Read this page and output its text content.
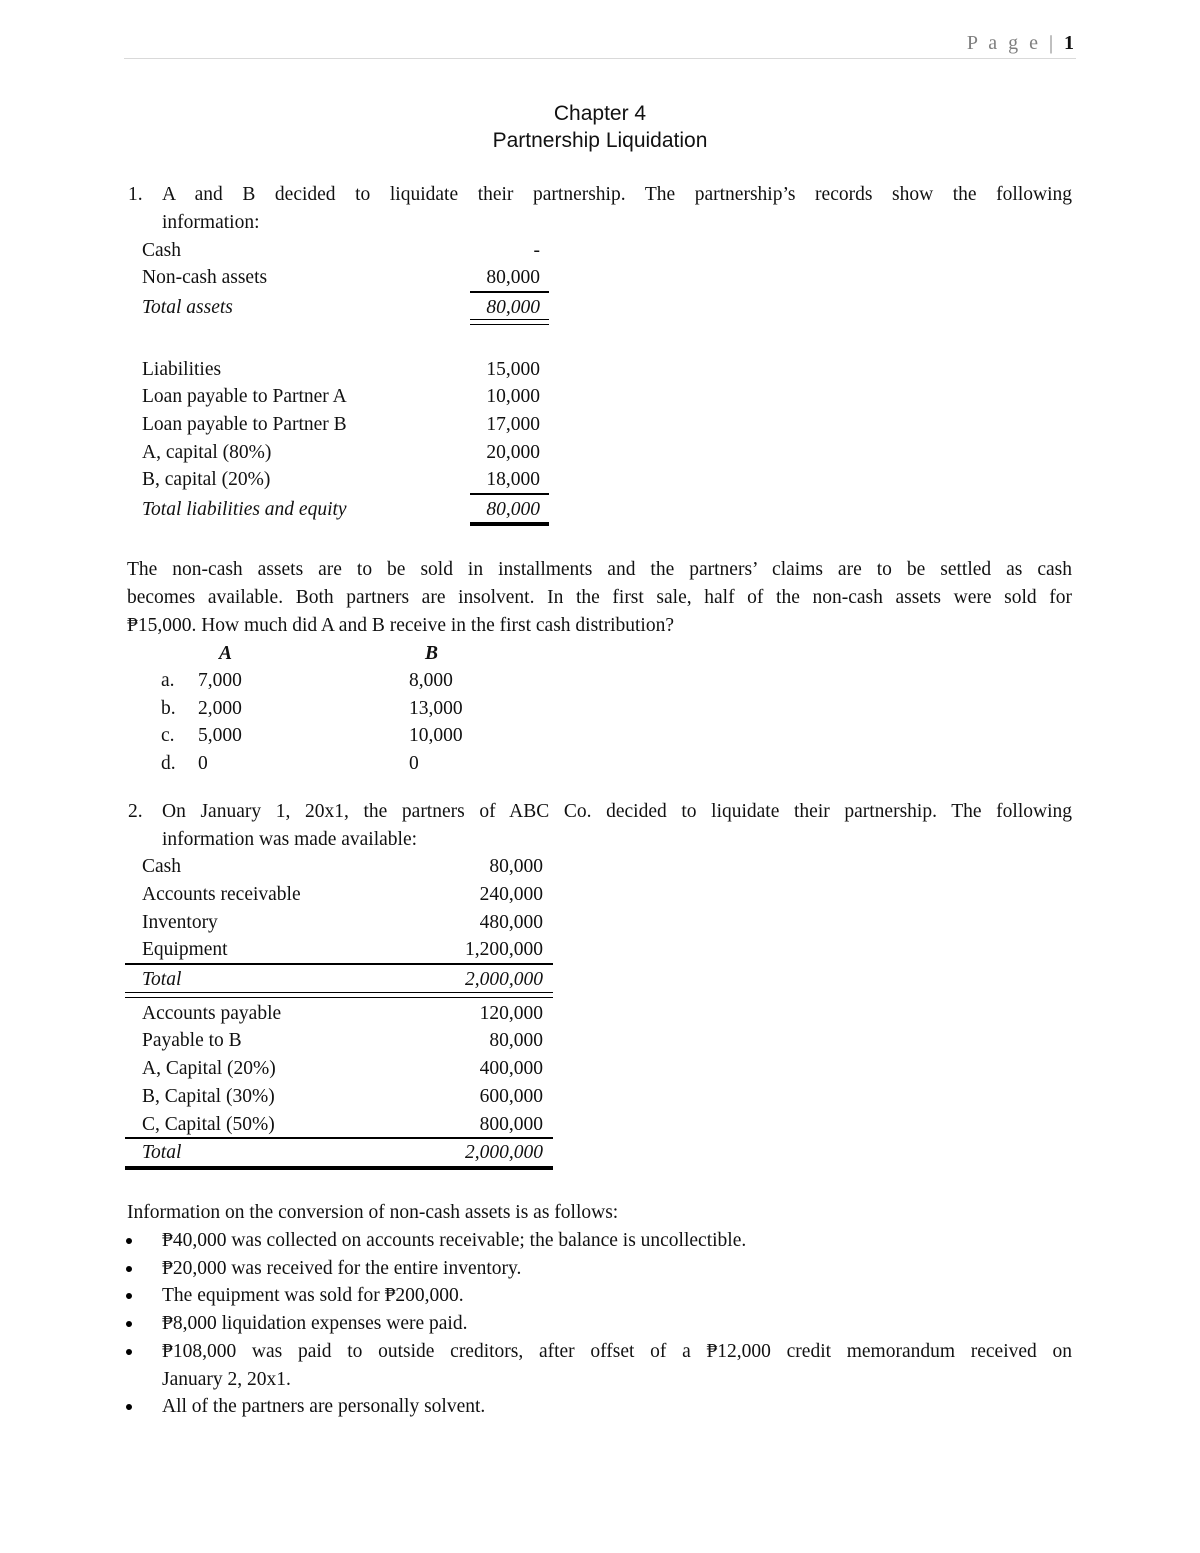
P a g e | 1
Chapter 4
Partnership Liquidation
1. A and B decided to liquidate their partnership. The partnership’s records show the following
information:
Cash	-
Non-cash assets	80,000
Total assets	80,000
Liabilities	15,000
Loan payable to Partner A	10,000
Loan payable to Partner B	17,000
A, capital (80%)	20,000
B, capital (20%)	18,000
Total liabilities and equity	80,000
The non-cash assets are to be sold in installments and the partners’ claims are to be settled as cash
becomes available. Both partners are insolvent. In the first sale, half of the non-cash assets were sold for
₱15,000. How much did A and B receive in the first cash distribution?
A	B
a. 7,000	8,000
b. 2,000	13,000
c. 5,000	10,000
d. 0	0
2. On January 1, 20x1, the partners of ABC Co. decided to liquidate their partnership. The following
information was made available:
Cash	80,000
Accounts receivable	240,000
Inventory	480,000
Equipment	1,200,000
Total	2,000,000
Accounts payable	120,000
Payable to B	80,000
A, Capital (20%)	400,000
B, Capital (30%)	600,000
C, Capital (50%)	800,000
Total	2,000,000
Information on the conversion of non-cash assets is as follows:
₱40,000 was collected on accounts receivable; the balance is uncollectible.
₱20,000 was received for the entire inventory.
The equipment was sold for ₱200,000.
₱8,000 liquidation expenses were paid.
₱108,000 was paid to outside creditors, after offset of a ₱12,000 credit memorandum received on
January 2, 20x1.
All of the partners are personally solvent.
